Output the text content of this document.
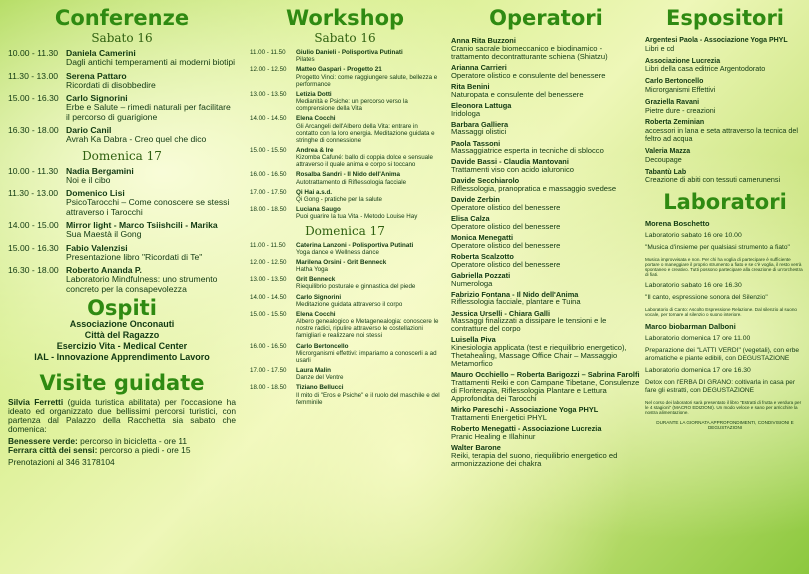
Conferenze
Sabato 16
10.00 - 11.30 Daniela Camerini
Dagli antichi temperamenti ai moderni biotipi
11.30 - 13.00 Serena Pattaro
Ricordati di disobbedire
15.00 - 16.30 Carlo Signorini
Erbe e Salute – rimedi naturali per facilitare il percorso di guarigione
16.30 - 18.00 Dario Canil
Avrah Ka Dabra - Creo quel che dico
Domenica 17
10.00 - 11.30 Nadia Bergamini
Noi e il cibo
11.30 - 13.00 Domenico Lisi
PsicoTarocchi – Come conoscere se stessi attraverso i Tarocchi
14.00 - 15.00 Mirror light - Marco Tsiishcili - Marika
Sua Maestà il Gong
15.00 - 16.30 Fabio Valenzisi
Presentazione libro "Ricordati di Te"
16.30 - 18.00 Roberto Ananda P.
Laboratorio Mindfulness: uno strumento concreto per la consapevolezza
Ospiti
Associazione Onconauti
Città del Ragazzo
Esercizio Vita - Medical Center
IAL - Innovazione Apprendimento Lavoro
Visite guidate

Silvia Ferretti (guida turistica abilitata) per l'occasione ha ideato ed organizzato due bellissimi percorsi turistici, con partenza dal Palazzo della Racchetta sia sabato che domenica:

Benessere verde: percorso in bicicletta - ore 11

Ferrara città dei sensi: percorso a piedi - ore 15

Prenotazioni al 346 3178104

Workshop
Sabato 16
11.00 - 11.50	Giulio Danieli - Polisportiva Putinati
Pilates
12.00 - 12.50	Matteo Gaspari - Progetto 21
Progetto Vinci: come raggiungere salute, bellezza e performance
13.00 - 13.50	Letizia Dotti
Medianità e Psiche: un percorso verso la comprensione della Vita
14.00 - 14.50	Elena Cocchi
Gli Arcangeli dell'Albero della Vita: entrare in contatto con la loro energia. Meditazione guidata e stringhe di connessione
15.00 - 15.50	Andrea & Ire
Kizomba Cafuné: ballo di coppia dolce e sensuale attraverso il quale anima e corpo si toccano
16.00 - 16.50	Rosalba Sandri - Il Nido dell'Anima
Autotrattamento di Riflessologia facciale
17.00 - 17.50	Qi Hai a.s.d.
Qi Gong - pratiche per la salute
18.00 - 18.50	Luciana Saugo
Puoi guarire la tua Vita - Metodo Louise Hay
Domenica 17
11.00 - 11.50	Caterina Lanzoni - Polisportiva Putinati
Yoga dance e Wellness dance
12.00 - 12.50	Marilena Orsini - Grit Benneck
Hatha Yoga
13.00 - 13.50	Grit Benneck
Riequilibrio posturale e ginnastica del piede
14.00 - 14.50	Carlo Signorini
Meditazione guidata attraverso il corpo
15.00 - 15.50	Elena Cocchi
Albero genealogico e Metagenealogia: conoscere le nostre radici, ripulire attraverso le costellazioni famigliari e realizzare noi stessi
16.00 - 16.50	Carlo Bertoncello
Microrganismi effettivi: impariamo a conoscerli a ad usarli
17.00 - 17.50	Laura Malin
Danze del Ventre
18.00 - 18.50	Tiziano Bellucci
Il mito di "Eros e Psiche" e il ruolo del maschile e del femminile
Operatori
Anna Rita Buzzoni
Cranio sacrale biomeccanico e biodinamico - trattamento decontratturante schiena (Shiatzu)
Arianna Carrieri
Operatore olistico e consulente del benessere
Rita Benini
Naturopata e consulente del benessere
Eleonora Lattuga
Iridologa
Barbara Galliera
Massaggi olistici
Paola Tassoni
Massaggiatrice esperta in tecniche di sblocco
Davide Bassi - Claudia Mantovani
Trattamenti viso con acido ialuronico
Davide Secchiarolo
Riflessologia, pranopratica e massaggio svedese
Davide Zerbin
Operatore olistico del benessere
Elisa Calza
Operatore olistico del benessere
Monica Menegatti
Operatore olistico del benessere
Roberta Scalzotto
Operatore olistico del benessere
Gabriella Pozzati
Numerologa
Fabrizio Fontana - Il Nido dell'Anima
Riflessologia facciale, plantare e Tuina
Jessica Urselli - Chiara Galli
Massaggi finalizzati a dissipare le tensioni e le contratture del corpo
Luisella Piva
Kinesiologia applicata (test e riequilibrio energetico), Thetahealing, Massage Office Chair – Massaggio Metamorfico
Mauro Occhiello – Roberta Barigozzi – Sabrina Farolfi
Trattamenti Reiki e con Campane Tibetane, Consulenze di Floriterapia, Riflessologia Plantare e Lettura Approfondita dei Tarocchi
Mirko Pareschi - Associazione Yoga PHYL
Trattamenti Energetici PHYL
Roberto Menegatti - Associazione Lucrezia
Pranic Healing e Illahinur
Walter Barone
Reiki, terapia del suono, riequilibrio energetico ed armonizzazione dei chakra
Espositori
Argentesi Paola - Associazione Yoga PHYL
Libri e cd
Associazione Lucrezia
Libri della casa editrice Argentodorato
Carlo Bertoncello
Microrganismi Effettivi
Graziella Ravani
Pietre dure - creazioni
Roberta Zeminian
accessori in lana e seta attraverso la tecnica del feltro ad acqua
Valeria Mazza
Decoupage
Tabantù Lab
Creazione di abiti con tessuti camerunensi
Laboratori
Morena Boschetto
Laboratorio sabato 16 ore 10.00
"Musica d'insieme per qualsiasi strumento a fiato"
Musica improvvisata e non. Per chi ha voglia di partecipare è sufficiente portare o maneggiare il proprio strumento a fiato e se c'è voglia, il resto verrà spontaneo e creativo. Tutti possono partecipare alla creazione di un'orchestra di fiati.
Laboratorio sabato 16 ore 16.30
"Il canto, espressione sonora del Silenzio"
Laboratorio di Canto: Ascolto Espressione Relazione. Dal silenzio al suono vocale, per tornare al silenzio o suono interiore.
Marco biobarman Dalboni
Laboratorio domenica 17 ore 11.00
Preparazione dei "LATTI VERDI" (vegetali), con erbe aromatiche e piante edibili, con DEGUSTAZIONE
Laboratorio domenica 17 ore 16.30
Detox con l'ERBA DI GRANO: coltivarla in casa per fare gli estratti, con DEGUSTAZIONE
Nel corso dei laboratori sarà presentato il libro "Estratti di frutta e verdura per le 4 stagioni" (MACRO EDIZIONI). Un modo veloce e sano per arricchire la nostra alimentazione.
DURANTE LA GIORNATA APPROFONDIMENTI, CONDIVISIONI E DEGUSTAZIONI
